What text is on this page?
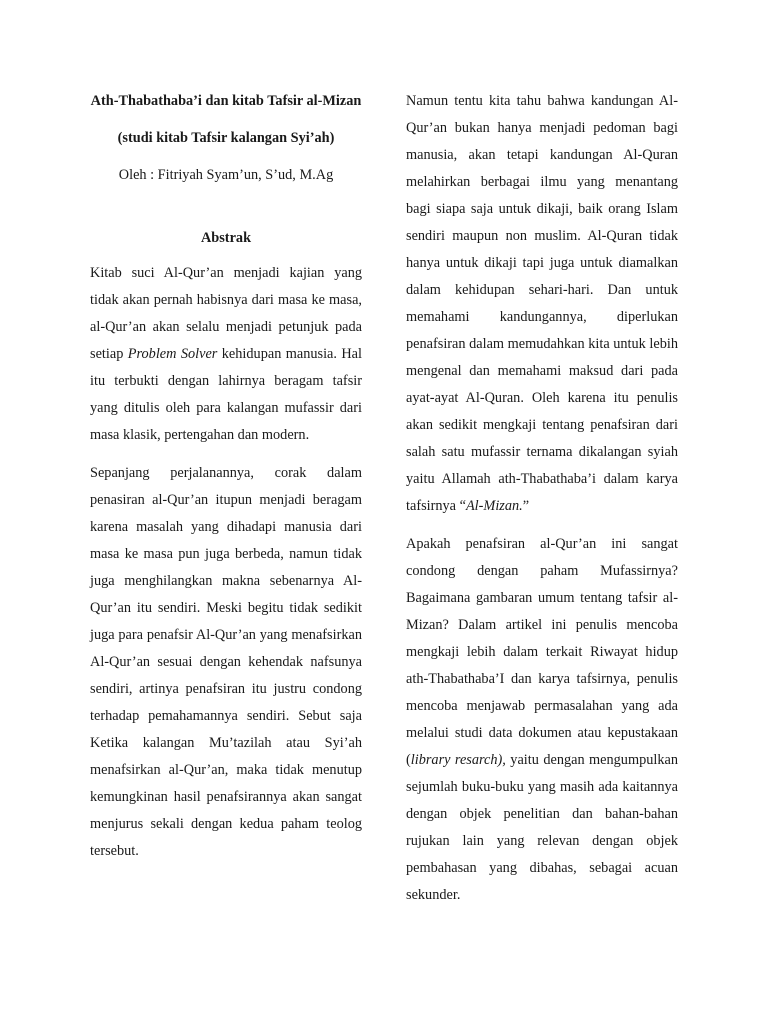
Ath-Thabathaba’i dan kitab Tafsir al-Mizan

(studi kitab Tafsir kalangan Syi’ah)

Oleh : Fitriyah Syam’un, S’ud, M.Ag

Abstrak

Kitab suci Al-Qur’an menjadi kajian yang tidak akan pernah habisnya dari masa ke masa, al-Qur’an akan selalu menjadi petunjuk pada setiap Problem Solver kehidupan manusia. Hal itu terbukti dengan lahirnya beragam tafsir yang ditulis oleh para kalangan mufassir dari masa klasik, pertengahan dan modern.

Sepanjang perjalanannya, corak dalam penasiran al-Qur’an itupun menjadi beragam karena masalah yang dihadapi manusia dari masa ke masa pun juga berbeda, namun tidak juga menghilangkan makna sebenarnya Al-Qur’an itu sendiri. Meski begitu tidak sedikit juga para penafsir Al-Qur’an yang menafsirkan Al-Qur’an sesuai dengan kehendak nafsunya sendiri, artinya penafsiran itu justru condong terhadap pemahamannya sendiri. Sebut saja Ketika kalangan Mu’tazilah atau Syi’ah menafsirkan al-Qur’an, maka tidak menutup kemungkinan hasil penafsirannya akan sangat menjurus sekali dengan kedua paham teolog tersebut.

Namun tentu kita tahu bahwa kandungan Al-Qur’an bukan hanya menjadi pedoman bagi manusia, akan tetapi kandungan Al-Quran melahirkan berbagai ilmu yang menantang bagi siapa saja untuk dikaji, baik orang Islam sendiri maupun non muslim. Al-Quran tidak hanya untuk dikaji tapi juga untuk diamalkan dalam kehidupan sehari-hari. Dan untuk memahami kandungannya, diperlukan penafsiran dalam memudahkan kita untuk lebih mengenal dan memahami maksud dari pada ayat-ayat Al-Quran. Oleh karena itu penulis akan sedikit mengkaji tentang penafsiran dari salah satu mufassir ternama dikalangan syiah yaitu Allamah ath-Thabathaba’i dalam karya tafsirnya “Al-Mizan.”

Apakah penafsiran al-Qur’an ini sangat condong dengan paham Mufassirnya? Bagaimana gambaran umum tentang tafsir al-Mizan? Dalam artikel ini penulis mencoba mengkaji lebih dalam terkait Riwayat hidup ath-Thabathaba’I dan karya tafsirnya, penulis mencoba menjawab permasalahan yang ada melalui studi data dokumen atau kepustakaan (library resarch), yaitu dengan mengumpulkan sejumlah buku-buku yang masih ada kaitannya dengan objek penelitian dan bahan-bahan rujukan lain yang relevan dengan objek pembahasan yang dibahas, sebagai acuan sekunder.
